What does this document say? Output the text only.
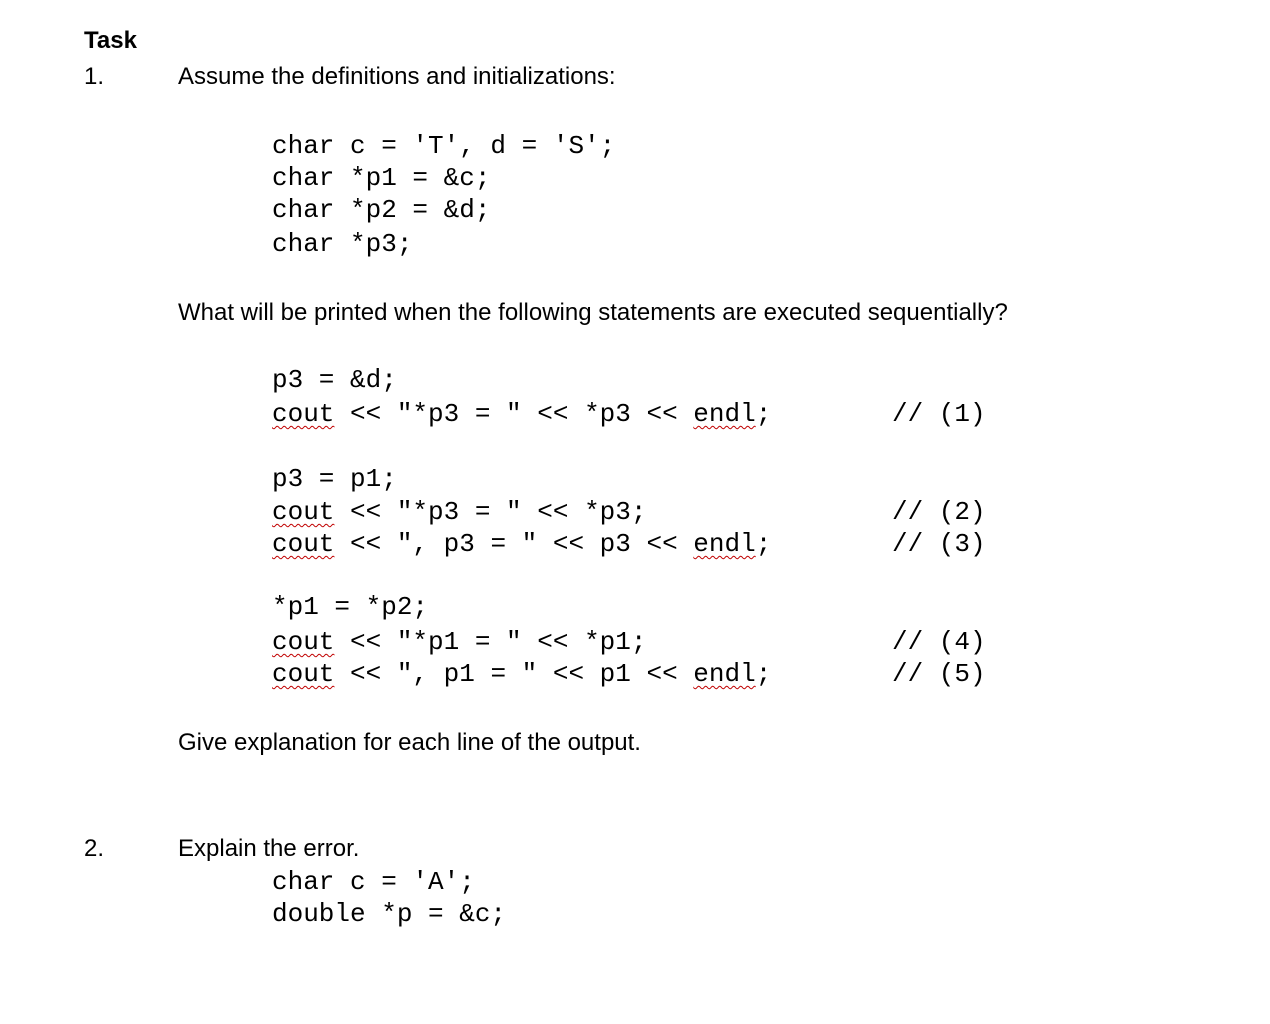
Task
1.	Assume the definitions and initializations:
char c = 'T', d = 'S';
char *p1 = &c;
char *p2 = &d;
char *p3;
What will be printed when the following statements are executed sequentially?
p3 = &d;
cout << "*p3 = " << *p3 << endl;	// (1)
p3 = p1;
cout << "*p3 = " << *p3;	// (2)
cout << ", p3 = " << p3 << endl;	// (3)
*p1 = *p2;
cout << "*p1 = " << *p1;	// (4)
cout << ", p1 = " << p1 << endl;	// (5)
Give explanation for each line of the output.
2.	Explain the error.
char c = 'A';
double *p = &c;
